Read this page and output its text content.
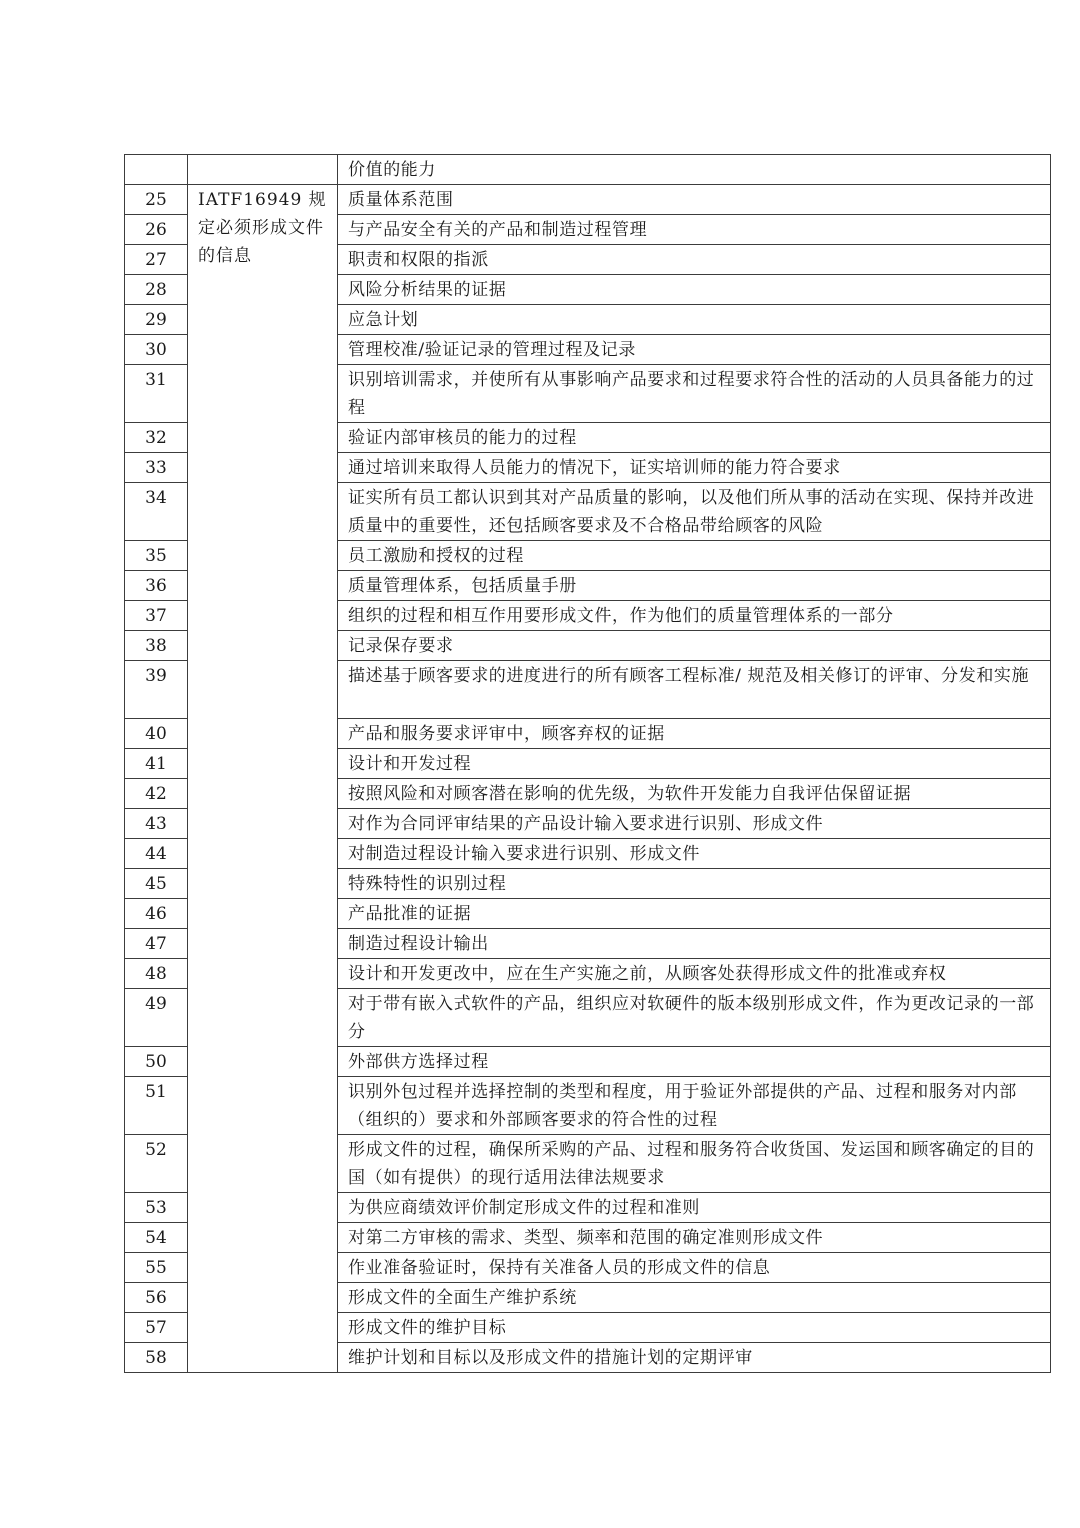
		价值的能力
25	IATF16949 规定必须形成文件的信息	质量体系范围
26		与产品安全有关的产品和制造过程管理
27		职责和权限的指派
28		风险分析结果的证据
29		应急计划
30		管理校准/验证记录的管理过程及记录
31		识别培训需求，并使所有从事影响产品要求和过程要求符合性的活动的人员具备能力的过程
32		验证内部审核员的能力的过程
33		通过培训来取得人员能力的情况下，证实培训师的能力符合要求
34		证实所有员工都认识到其对产品质量的影响，以及他们所从事的活动在实现、保持并改进质量中的重要性，还包括顾客要求及不合格品带给顾客的风险
35		员工激励和授权的过程
36		质量管理体系，包括质量手册
37		组织的过程和相互作用要形成文件，作为他们的质量管理体系的一部分
38		记录保存要求
39		描述基于顾客要求的进度进行的所有顾客工程标准/ 规范及相关修订的评审、分发和实施
40		产品和服务要求评审中，顾客弃权的证据
41		设计和开发过程
42		按照风险和对顾客潜在影响的优先级，为软件开发能力自我评估保留证据
43		对作为合同评审结果的产品设计输入要求进行识别、形成文件
44		对制造过程设计输入要求进行识别、形成文件
45		特殊特性的识别过程
46		产品批准的证据
47		制造过程设计输出
48		设计和开发更改中，应在生产实施之前，从顾客处获得形成文件的批准或弃权
49		对于带有嵌入式软件的产品，组织应对软硬件的版本级别形成文件，作为更改记录的一部分
50		外部供方选择过程
51		识别外包过程并选择控制的类型和程度，用于验证外部提供的产品、过程和服务对内部（组织的）要求和外部顾客要求的符合性的过程
52		形成文件的过程，确保所采购的产品、过程和服务符合收货国、发运国和顾客确定的目的国（如有提供）的现行适用法律法规要求
53		为供应商绩效评价制定形成文件的过程和准则
54		对第二方审核的需求、类型、频率和范围的确定准则形成文件
55		作业准备验证时，保持有关准备人员的形成文件的信息
56		形成文件的全面生产维护系统
57		形成文件的维护目标
58		维护计划和目标以及形成文件的措施计划的定期评审
